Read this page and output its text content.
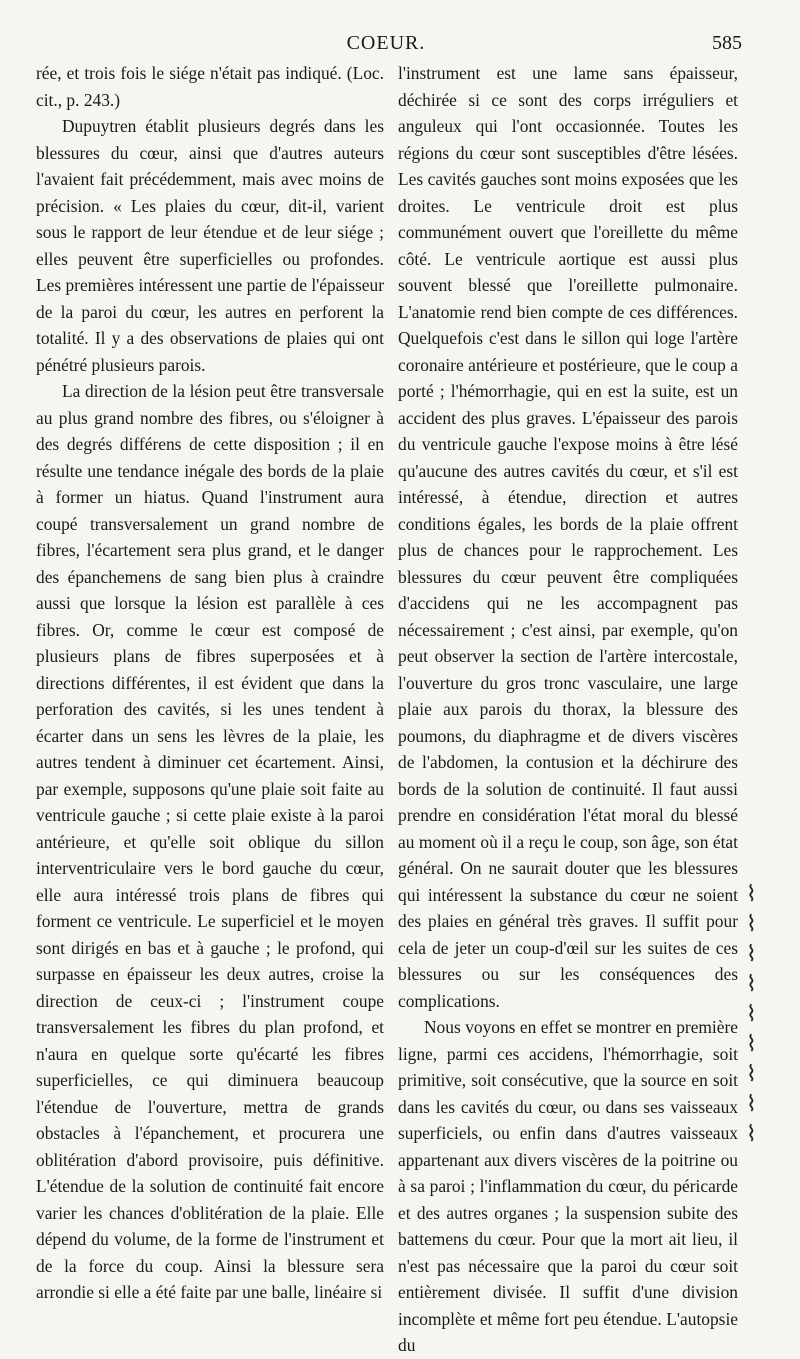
COEUR.	585

rée, et trois fois le siége n'était pas indiqué. (Loc. cit., p. 243.)

Dupuytren établit plusieurs degrés dans les blessures du cœur, ainsi que d'autres auteurs l'avaient fait précédemment, mais avec moins de précision. « Les plaies du cœur, dit-il, varient sous le rapport de leur étendue et de leur siége ; elles peuvent être superficielles ou profondes. Les premières intéressent une partie de l'épaisseur de la paroi du cœur, les autres en perforent la totalité. Il y a des observations de plaies qui ont pénétré plusieurs parois.

La direction de la lésion peut être transversale au plus grand nombre des fibres, ou s'éloigner à des degrés différens de cette disposition ; il en résulte une tendance inégale des bords de la plaie à former un hiatus. Quand l'instrument aura coupé transversalement un grand nombre de fibres, l'écartement sera plus grand, et le danger des épanchemens de sang bien plus à craindre aussi que lorsque la lésion est parallèle à ces fibres. Or, comme le cœur est composé de plusieurs plans de fibres superposées et à directions différentes, il est évident que dans la perforation des cavités, si les unes tendent à écarter dans un sens les lèvres de la plaie, les autres tendent à diminuer cet écartement. Ainsi, par exemple, supposons qu'une plaie soit faite au ventricule gauche ; si cette plaie existe à la paroi antérieure, et qu'elle soit oblique du sillon interventriculaire vers le bord gauche du cœur, elle aura intéressé trois plans de fibres qui forment ce ventricule. Le superficiel et le moyen sont dirigés en bas et à gauche ; le profond, qui surpasse en épaisseur les deux autres, croise la direction de ceux-ci ; l'instrument coupe transversalement les fibres du plan profond, et n'aura en quelque sorte qu'écarté les fibres superficielles, ce qui diminuera beaucoup l'étendue de l'ouverture, mettra de grands obstacles à l'épanchement, et procurera une oblitération d'abord provisoire, puis définitive. L'étendue de la solution de continuité fait encore varier les chances d'oblitération de la plaie. Elle dépend du volume, de la forme de l'instrument et de la force du coup. Ainsi la blessure sera arrondie si elle a été faite par une balle, linéaire si

l'instrument est une lame sans épaisseur, déchirée si ce sont des corps irréguliers et anguleux qui l'ont occasionnée. Toutes les régions du cœur sont susceptibles d'être lésées. Les cavités gauches sont moins exposées que les droites. Le ventricule droit est plus communément ouvert que l'oreillette du même côté. Le ventricule aortique est aussi plus souvent blessé que l'oreillette pulmonaire. L'anatomie rend bien compte de ces différences. Quelquefois c'est dans le sillon qui loge l'artère coronaire antérieure et postérieure, que le coup a porté ; l'hémorrhagie, qui en est la suite, est un accident des plus graves. L'épaisseur des parois du ventricule gauche l'expose moins à être lésé qu'aucune des autres cavités du cœur, et s'il est intéressé, à étendue, direction et autres conditions égales, les bords de la plaie offrent plus de chances pour le rapprochement. Les blessures du cœur peuvent être compliquées d'accidens qui ne les accompagnent pas nécessairement ; c'est ainsi, par exemple, qu'on peut observer la section de l'artère intercostale, l'ouverture du gros tronc vasculaire, une large plaie aux parois du thorax, la blessure des poumons, du diaphragme et de divers viscères de l'abdomen, la contusion et la déchirure des bords de la solution de continuité. Il faut aussi prendre en considération l'état moral du blessé au moment où il a reçu le coup, son âge, son état général. On ne saurait douter que les blessures qui intéressent la substance du cœur ne soient des plaies en général très graves. Il suffit pour cela de jeter un coup-d'œil sur les suites de ces blessures ou sur les conséquences des complications.

Nous voyons en effet se montrer en première ligne, parmi ces accidens, l'hémorrhagie, soit primitive, soit consécutive, que la source en soit dans les cavités du cœur, ou dans ses vaisseaux superficiels, ou enfin dans d'autres vaisseaux appartenant aux divers viscères de la poitrine ou à sa paroi ; l'inflammation du cœur, du péricarde et des autres organes ; la suspension subite des battemens du cœur. Pour que la mort ait lieu, il n'est pas nécessaire que la paroi du cœur soit entièrement divisée. Il suffit d'une division incomplète et même fort peu étendue. L'autopsie du

⌇
⌇
⌇
⌇
⌇
⌇
⌇
⌇
⌇
